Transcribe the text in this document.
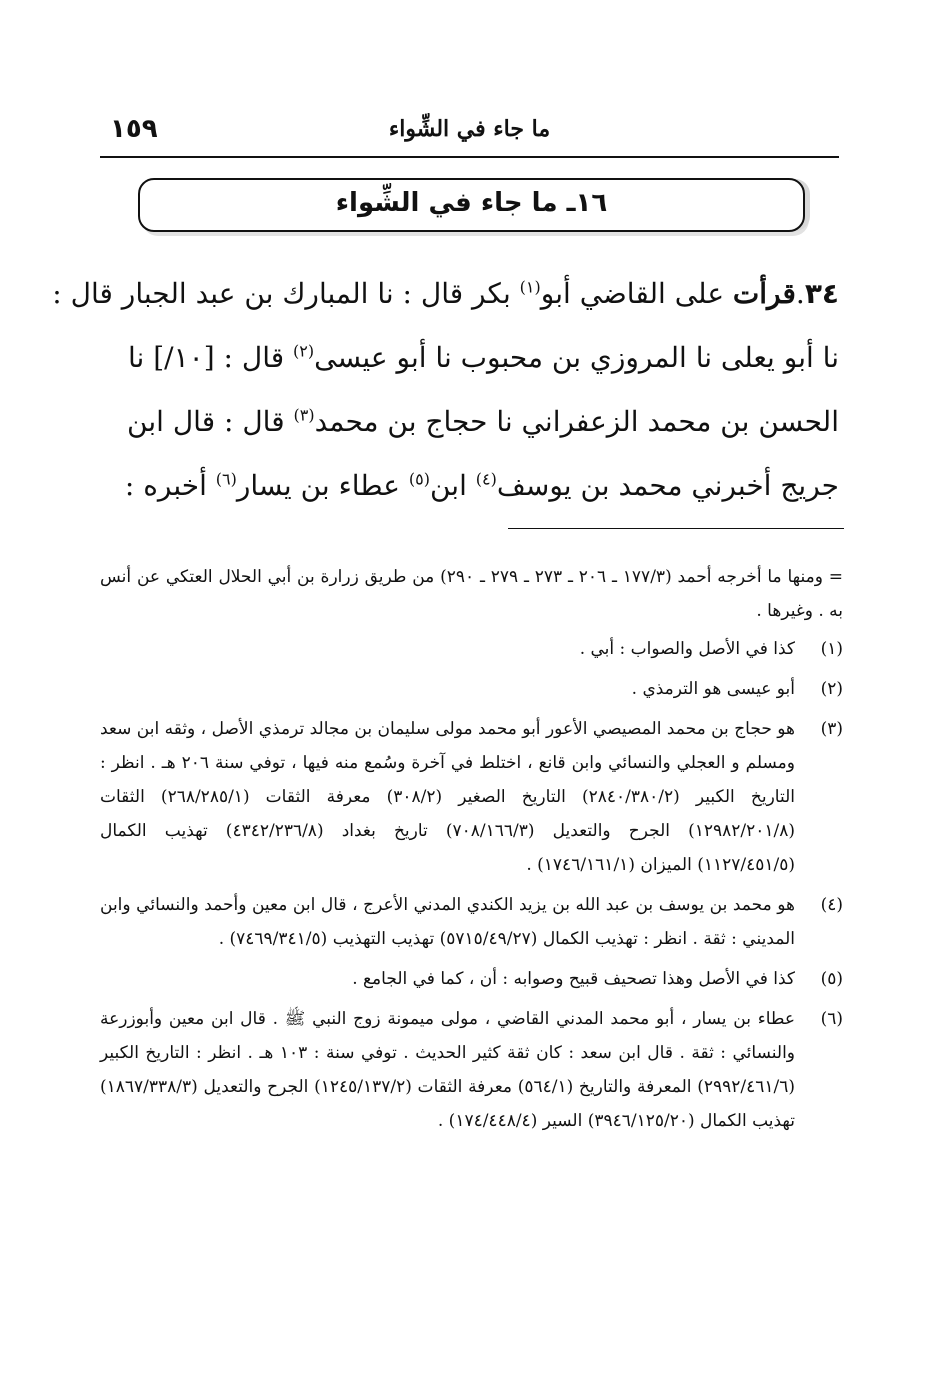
١٥٩	ما جاء في الشِّواء
١٦ـ ما جاء في الشِّواء
٣٤.قرأت على القاضي أبو$^{(١)}$ بكر قال : نا المبارك بن عبد الجبار قال :
نا أبو يعلى نا المروزي بن محبوب نا أبو عيسى$^{(٢)}$ قال : [١٠/] نا
الحسن بن محمد الزعفراني نا حجاج بن محمد$^{(٣)}$ قال : قال ابن
جريج أخبرني محمد بن يوسف$^{(٤)}$ ابن$^{(٥)}$ عطاء بن يسار$^{(٦)}$ أخبره :

= ومنها ما أخرجه أحمد (١٧٧/٣ ـ ٢٠٦ ـ ٢٧٣ ـ ٢٧٩ ـ ٢٩٠) من طريق زرارة بن أبي الحلال العتكي عن أنس به . وغيرها .

(١)
كذا في الأصل والصواب : أبي .
(٢)
أبو عيسى هو الترمذي .
(٣)
هو حجاج بن محمد المصيصي الأعور أبو محمد مولى سليمان بن مجالد ترمذي الأصل ، وثقه ابن سعد ومسلم و العجلي والنسائي وابن قانع ، اختلط في آخرة وسُمع منه فيها ، توفي سنة ٢٠٦ هـ . انظر : التاريخ الكبير (٢٨٤٠/٣٨٠/٢) التاريخ الصغير (٣٠٨/٢) معرفة الثقات (٢٦٨/٢٨٥/١) الثقات (١٢٩٨٢/٢٠١/٨) الجرح والتعديل (٧٠٨/١٦٦/٣) تاريخ بغداد (٤٣٤٢/٢٣٦/٨) تهذيب الكمال (١١٢٧/٤٥١/٥) الميزان (١٧٤٦/١٦١/١) .
(٤)
هو محمد بن يوسف بن عبد الله بن يزيد الكندي المدني الأعرج ، قال ابن معين وأحمد والنسائي وابن المديني : ثقة . انظر : تهذيب الكمال (٥٧١٥/٤٩/٢٧) تهذيب التهذيب (٧٤٦٩/٣٤١/٥) .
(٥)
كذا في الأصل وهذا تصحيف قبيح وصوابه : أن ، كما في الجامع .
(٦)
عطاء بن يسار ، أبو محمد المدني القاضي ، مولى ميمونة زوج النبي ﷺ . قال ابن معين وأبوزرعة والنسائي : ثقة . قال ابن سعد : كان ثقة كثير الحديث . توفي سنة : ١٠٣ هـ . انظر : التاريخ الكبير (٢٩٩٢/٤٦١/٦) المعرفة والتاريخ (٥٦٤/١) معرفة الثقات (١٢٤٥/١٣٧/٢) الجرح والتعديل (١٨٦٧/٣٣٨/٣) تهذيب الكمال (٣٩٤٦/١٢٥/٢٠) السير (١٧٤/٤٤٨/٤) .
